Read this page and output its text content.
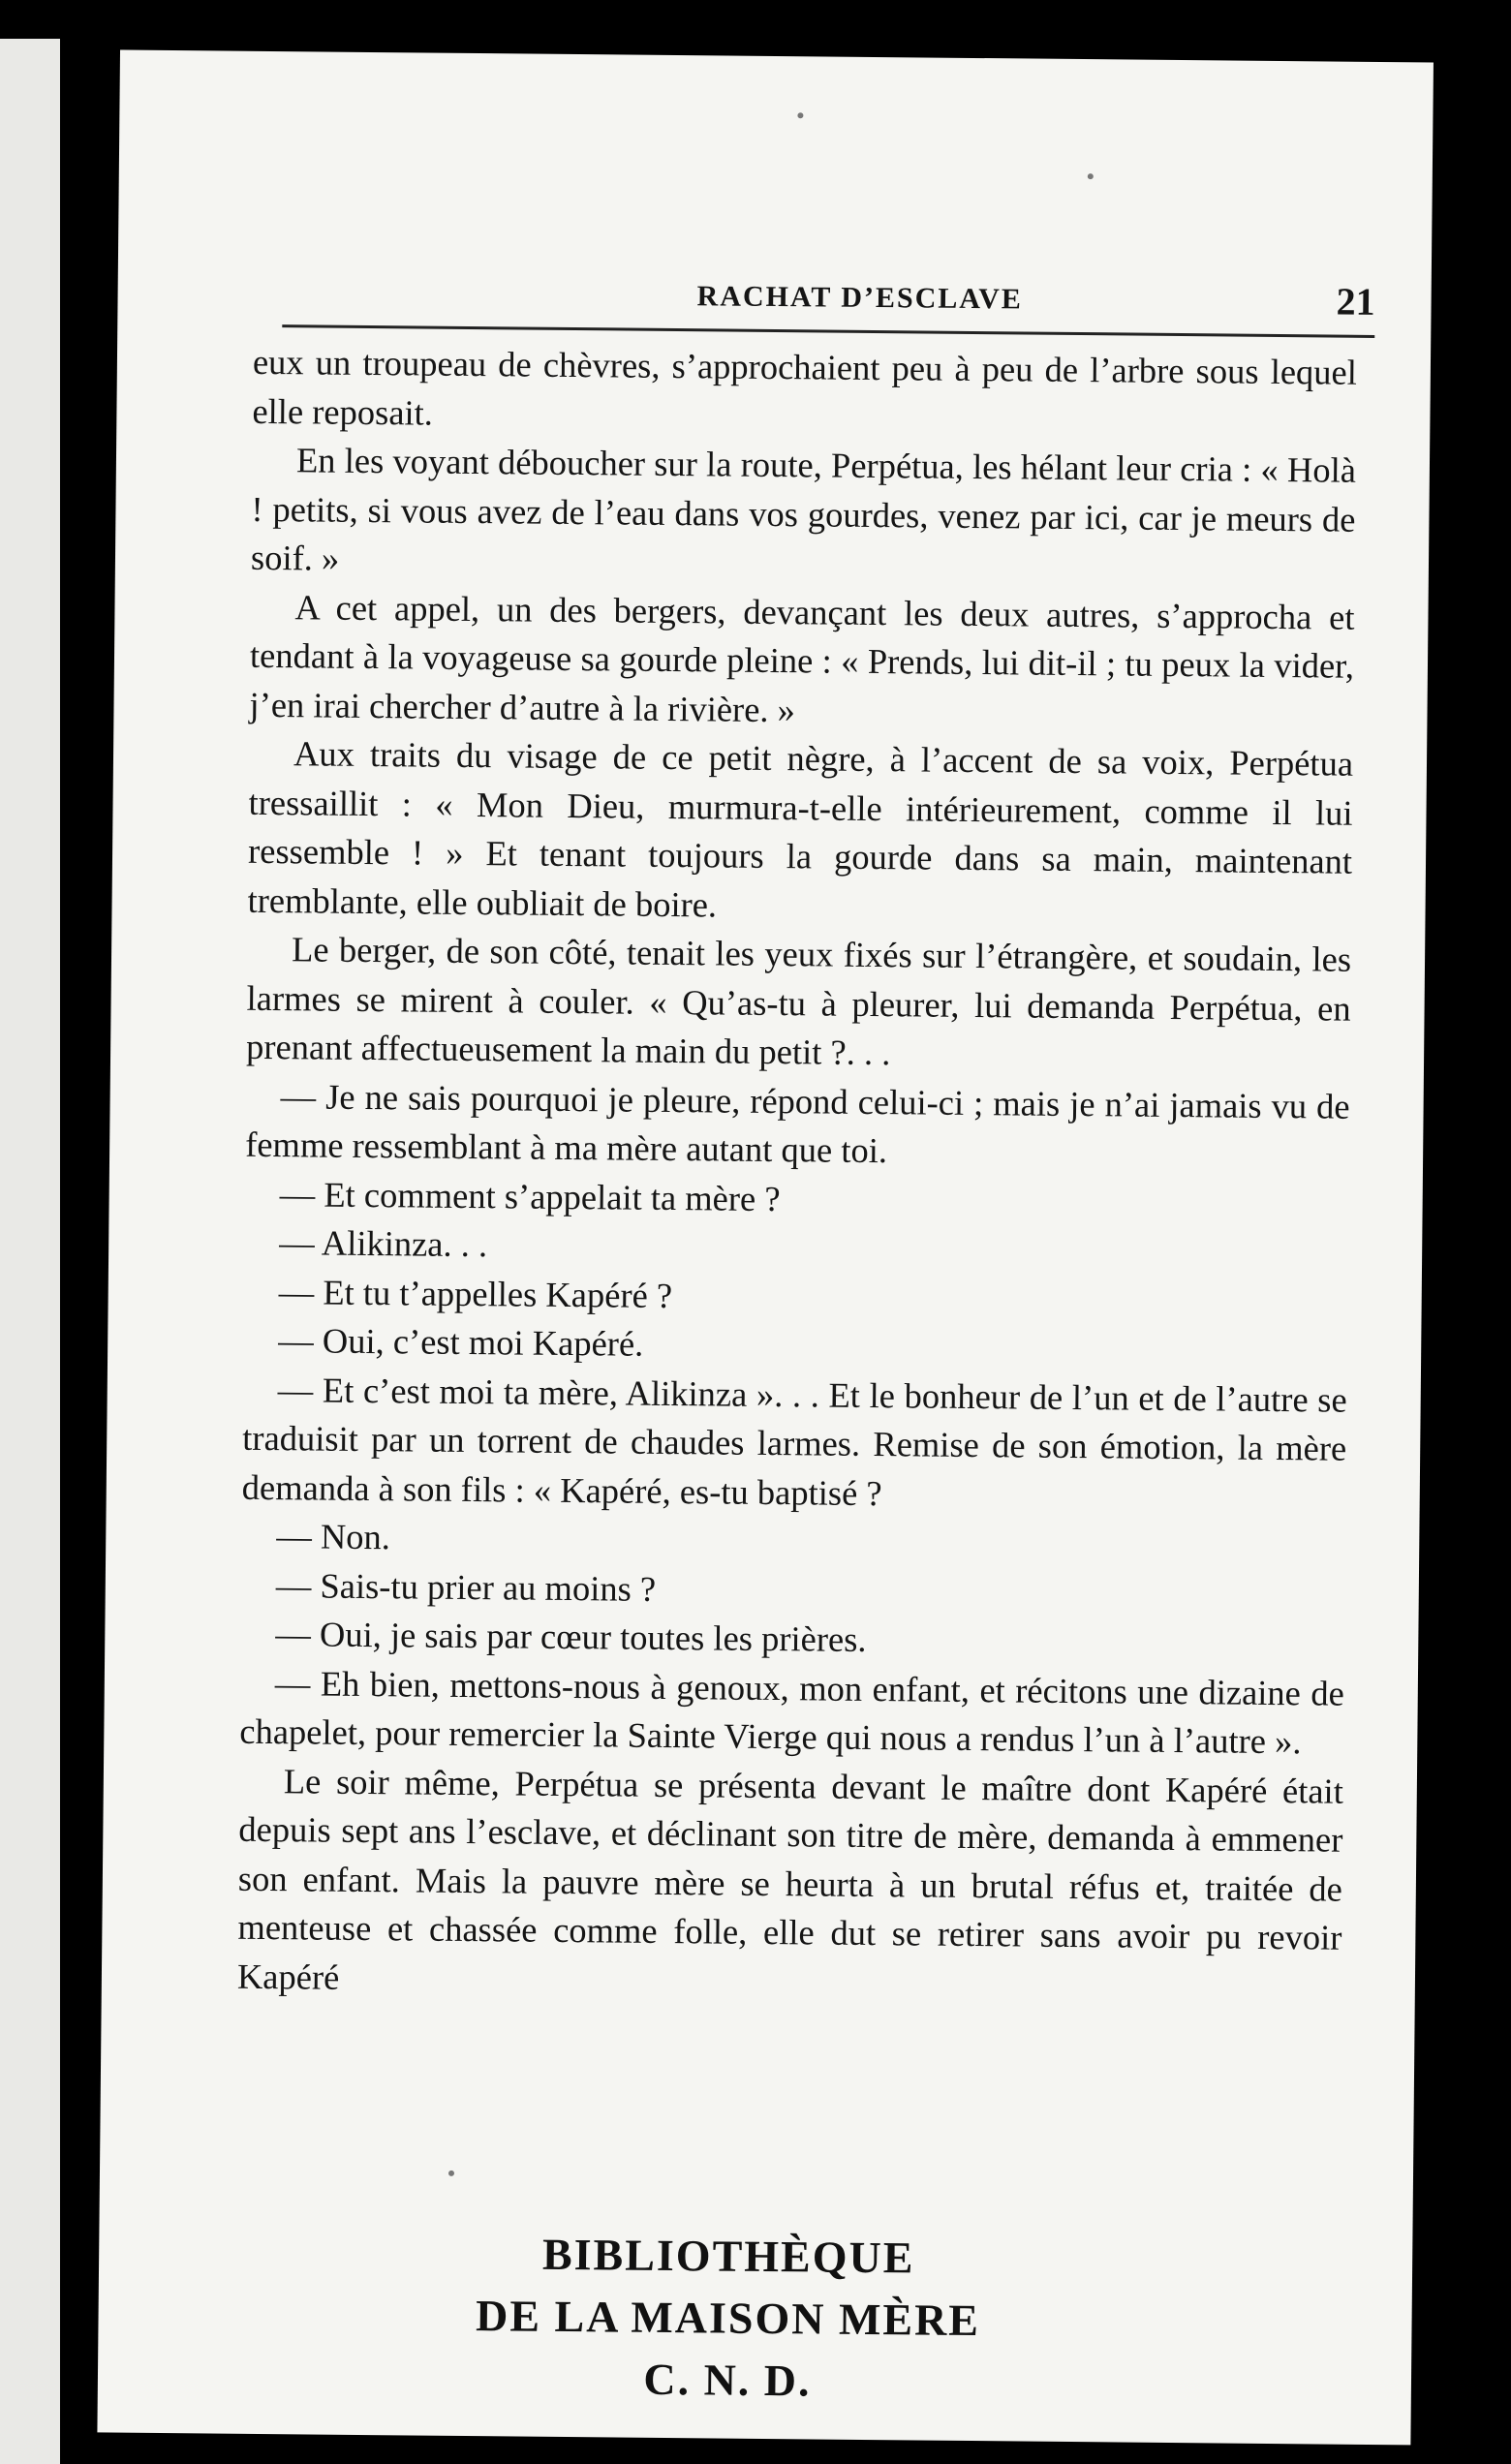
RACHAT D’ESCLAVE	21

eux un troupeau de chèvres, s’approchaient peu à peu de l’arbre sous lequel elle reposait.

En les voyant déboucher sur la route, Perpétua, les hélant leur cria : « Holà ! petits, si vous avez de l’eau dans vos gourdes, venez par ici, car je meurs de soif. »

A cet appel, un des bergers, devançant les deux autres, s’approcha et tendant à la voyageuse sa gourde pleine : « Prends, lui dit-il ; tu peux la vider, j’en irai chercher d’autre à la rivière. »

Aux traits du visage de ce petit nègre, à l’accent de sa voix, Perpétua tressaillit : « Mon Dieu, murmura-t-elle intérieurement, comme il lui ressemble ! » Et tenant toujours la gourde dans sa main, maintenant tremblante, elle oubliait de boire.

Le berger, de son côté, tenait les yeux fixés sur l’étrangère, et soudain, les larmes se mirent à couler. « Qu’as-tu à pleurer, lui demanda Perpétua, en prenant affectueusement la main du petit ?. . .

— Je ne sais pourquoi je pleure, répond celui-ci ; mais je n’ai jamais vu de femme ressemblant à ma mère autant que toi.

— Et comment s’appelait ta mère ?

— Alikinza. . .

— Et tu t’appelles Kapéré ?

— Oui, c’est moi Kapéré.

— Et c’est moi ta mère, Alikinza ». . . Et le bonheur de l’un et de l’autre se traduisit par un torrent de chaudes larmes. Remise de son émotion, la mère demanda à son fils : « Kapéré, es-tu baptisé ?

— Non.

— Sais-tu prier au moins ?

— Oui, je sais par cœur toutes les prières.

— Eh bien, mettons-nous à genoux, mon enfant, et récitons une dizaine de chapelet, pour remercier la Sainte Vierge qui nous a rendus l’un à l’autre ».

Le soir même, Perpétua se présenta devant le maître dont Kapéré était depuis sept ans l’esclave, et déclinant son titre de mère, demanda à emmener son enfant. Mais la pauvre mère se heurta à un brutal réfus et, traitée de menteuse et chassée comme folle, elle dut se retirer sans avoir pu revoir Kapéré

BIBLIOTHÈQUE
DE LA MAISON MÈRE
C. N. D.
